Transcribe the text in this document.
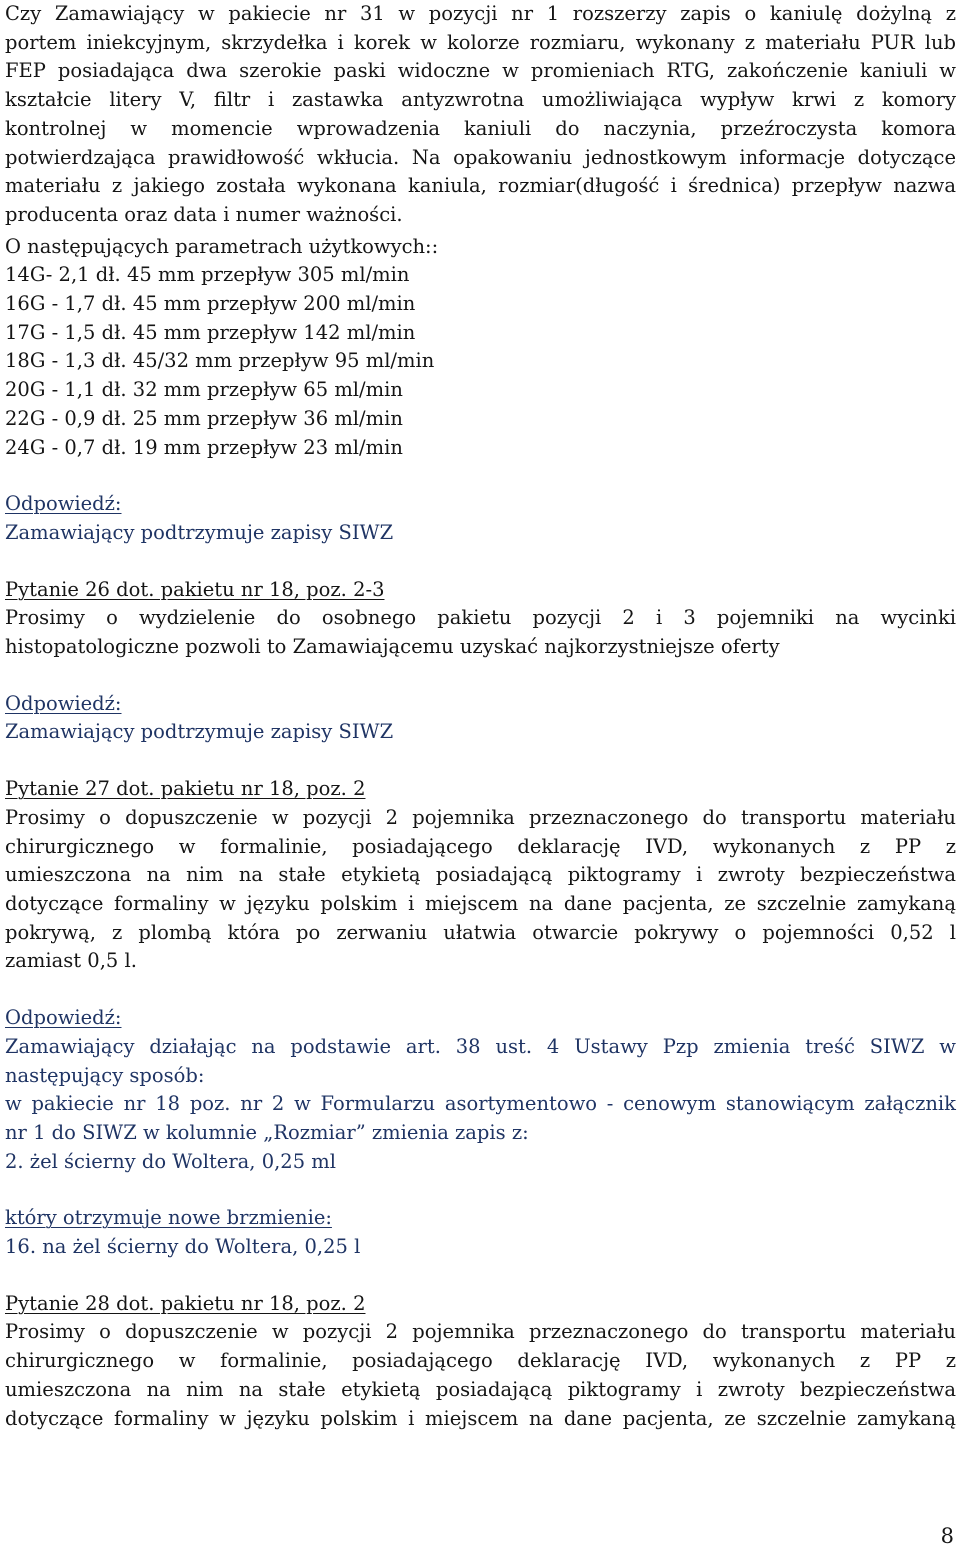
Czy Zamawiający w pakiecie nr 31 w pozycji nr 1 rozszerzy zapis o kaniulę dożylną z
portem iniekcyjnym, skrzydełka i korek w kolorze rozmiaru, wykonany z materiału PUR lub
FEP posiadająca dwa szerokie paski widoczne w promieniach RTG, zakończenie kaniuli w
kształcie litery V, filtr i zastawka antyzwrotna umożliwiająca wypływ krwi z komory
kontrolnej w momencie wprowadzenia kaniuli do naczynia, przeźroczysta komora
potwierdzająca prawidłowość wkłucia. Na opakowaniu jednostkowym informacje dotyczące
materiału z jakiego została wykonana kaniula, rozmiar(długość i średnica) przepływ nazwa
producenta oraz data i numer ważności.
O następujących parametrach użytkowych::
14G- 2,1 dł. 45 mm przepływ 305 ml/min
16G - 1,7 dł. 45 mm przepływ 200 ml/min
17G - 1,5 dł. 45 mm przepływ 142 ml/min
18G - 1,3 dł. 45/32 mm przepływ 95 ml/min
20G - 1,1 dł. 32 mm przepływ 65 ml/min
22G - 0,9 dł. 25 mm przepływ 36 ml/min
24G - 0,7 dł. 19 mm przepływ 23 ml/min
Odpowiedź:
Zamawiający podtrzymuje zapisy SIWZ
Pytanie 26 dot. pakietu nr 18, poz. 2-3
Prosimy o wydzielenie do osobnego pakietu pozycji 2 i 3 pojemniki na wycinki
histopatologiczne pozwoli to Zamawiającemu uzyskać najkorzystniejsze oferty
Odpowiedź:
Zamawiający podtrzymuje zapisy SIWZ
Pytanie 27 dot. pakietu nr 18, poz. 2
Prosimy o dopuszczenie w pozycji 2 pojemnika przeznaczonego do transportu materiału
chirurgicznego w formalinie, posiadającego deklarację IVD, wykonanych z PP z
umieszczona na nim na stałe etykietą posiadającą piktogramy i zwroty bezpieczeństwa
dotyczące formaliny w języku polskim i miejscem na dane pacjenta, ze szczelnie zamykaną
pokrywą, z plombą która po zerwaniu ułatwia otwarcie pokrywy o pojemności 0,52 l
zamiast 0,5 l.
Odpowiedź:
Zamawiający działając na podstawie art. 38 ust. 4 Ustawy Pzp zmienia treść SIWZ w
następujący sposób:
w pakiecie nr 18 poz. nr 2 w Formularzu asortymentowo - cenowym stanowiącym załącznik
nr 1 do SIWZ w kolumnie „Rozmiar” zmienia zapis z:
2. żel ścierny do Woltera, 0,25 ml
który otrzymuje nowe brzmienie:
16. na żel ścierny do Woltera, 0,25 l
Pytanie 28 dot. pakietu nr 18, poz. 2
Prosimy o dopuszczenie w pozycji 2 pojemnika przeznaczonego do transportu materiału
chirurgicznego w formalinie, posiadającego deklarację IVD, wykonanych z PP z
umieszczona na nim na stałe etykietą posiadającą piktogramy i zwroty bezpieczeństwa
dotyczące formaliny w języku polskim i miejscem na dane pacjenta, ze szczelnie zamykaną
8
